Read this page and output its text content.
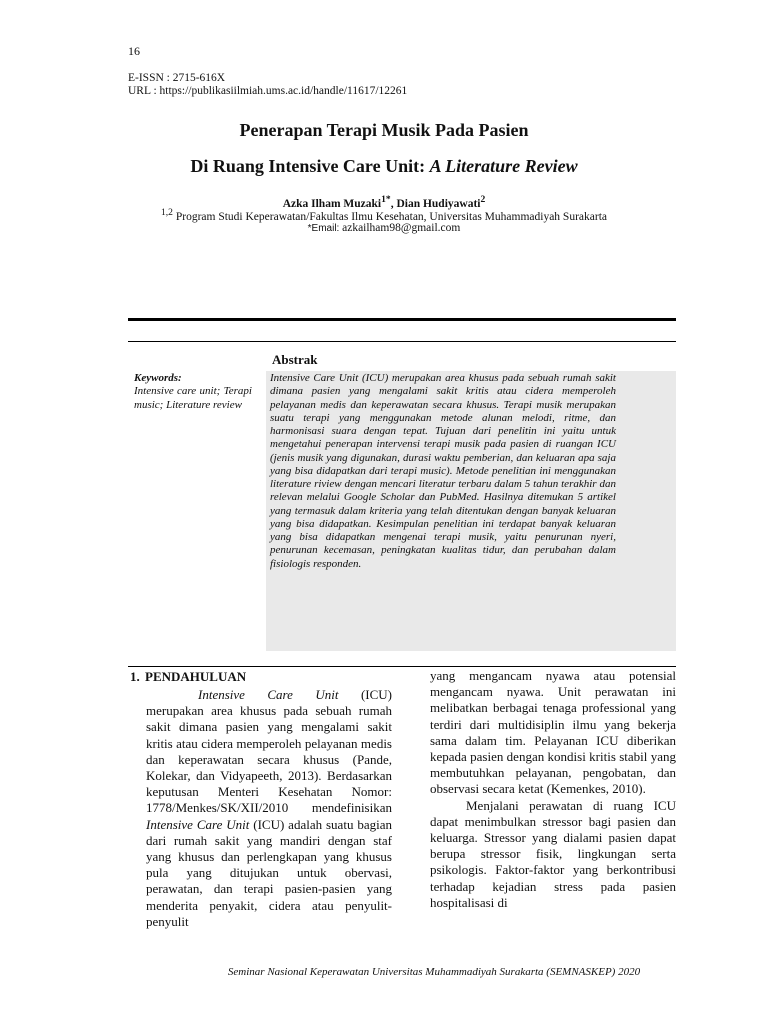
16
E-ISSN : 2715-616X
URL : https://publikasiilmiah.ums.ac.id/handle/11617/12261
Penerapan Terapi Musik Pada Pasien
Di Ruang Intensive Care Unit: A Literature Review
Azka Ilham Muzaki$^{1*}$, Dian Hudiyawati$^2$
$^{1,2}$ Program Studi Keperawatan/Fakultas Ilmu Kesehatan, Universitas Muhammadiyah Surakarta
*Email: azkailham98@gmail.com
Abstrak
Intensive Care Unit (ICU) merupakan area khusus pada sebuah rumah sakit dimana pasien yang mengalami sakit kritis atau cidera memperoleh pelayanan medis dan keperawatan secara khusus. Terapi musik merupakan suatu terapi yang menggunakan metode alunan melodi, ritme, dan harmonisasi suara dengan tepat. Tujuan dari penelitin ini yaitu untuk mengetahui penerapan intervensi terapi musik pada pasien di ruangan ICU (jenis musik yang digunakan, durasi waktu pemberian, dan keluaran apa saja yang bisa didapatkan dari terapi music). Metode penelitian ini menggunakan literature riview dengan mencari literatur terbaru dalam 5 tahun terakhir dan relevan melalui Google Scholar dan PubMed. Hasilnya ditemukan 5 artikel yang termasuk dalam kriteria yang telah ditentukan dengan banyak keluaran yang bisa didapatkan. Kesimpulan penelitian ini terdapat banyak keluaran yang bisa didapatkan mengenai terapi musik, yaitu penurunan nyeri, penurunan kecemasan, peningkatan kualitas tidur, dan perubahan dalam fisiologis responden.
Keywords:
Intensive care unit; Terapi music; Literature review
1. PENDAHULUAN

Intensive Care Unit (ICU) merupakan area khusus pada sebuah rumah sakit dimana pasien yang mengalami sakit kritis atau cidera memperoleh pelayanan medis dan keperawatan secara khusus (Pande, Kolekar, dan Vidyapeeth, 2013). Berdasarkan keputusan Menteri Kesehatan Nomor: 1778/Menkes/SK/XII/2010 mendefinisikan Intensive Care Unit (ICU) adalah suatu bagian dari rumah sakit yang mandiri dengan staf yang khusus dan perlengkapan yang khusus pula yang ditujukan untuk obervasi, perawatan, dan terapi pasien-pasien yang menderita penyakit, cidera atau penyulit- penyulit

yang mengancam nyawa atau potensial mengancam nyawa. Unit perawatan ini melibatkan berbagai tenaga professional yang terdiri dari multidisiplin ilmu yang bekerja sama dalam tim. Pelayanan ICU diberikan kepada pasien dengan kondisi kritis stabil yang membutuhkan pelayanan, pengobatan, dan observasi secara ketat (Kemenkes, 2010).

Menjalani perawatan di ruang ICU dapat menimbulkan stressor bagi pasien dan keluarga. Stressor yang dialami pasien dapat berupa stressor fisik, lingkungan serta psikologis. Faktor-faktor yang berkontribusi terhadap kejadian stress pada pasien hospitalisasi di

Seminar Nasional Keperawatan Universitas Muhammadiyah Surakarta (SEMNASKEP) 2020
